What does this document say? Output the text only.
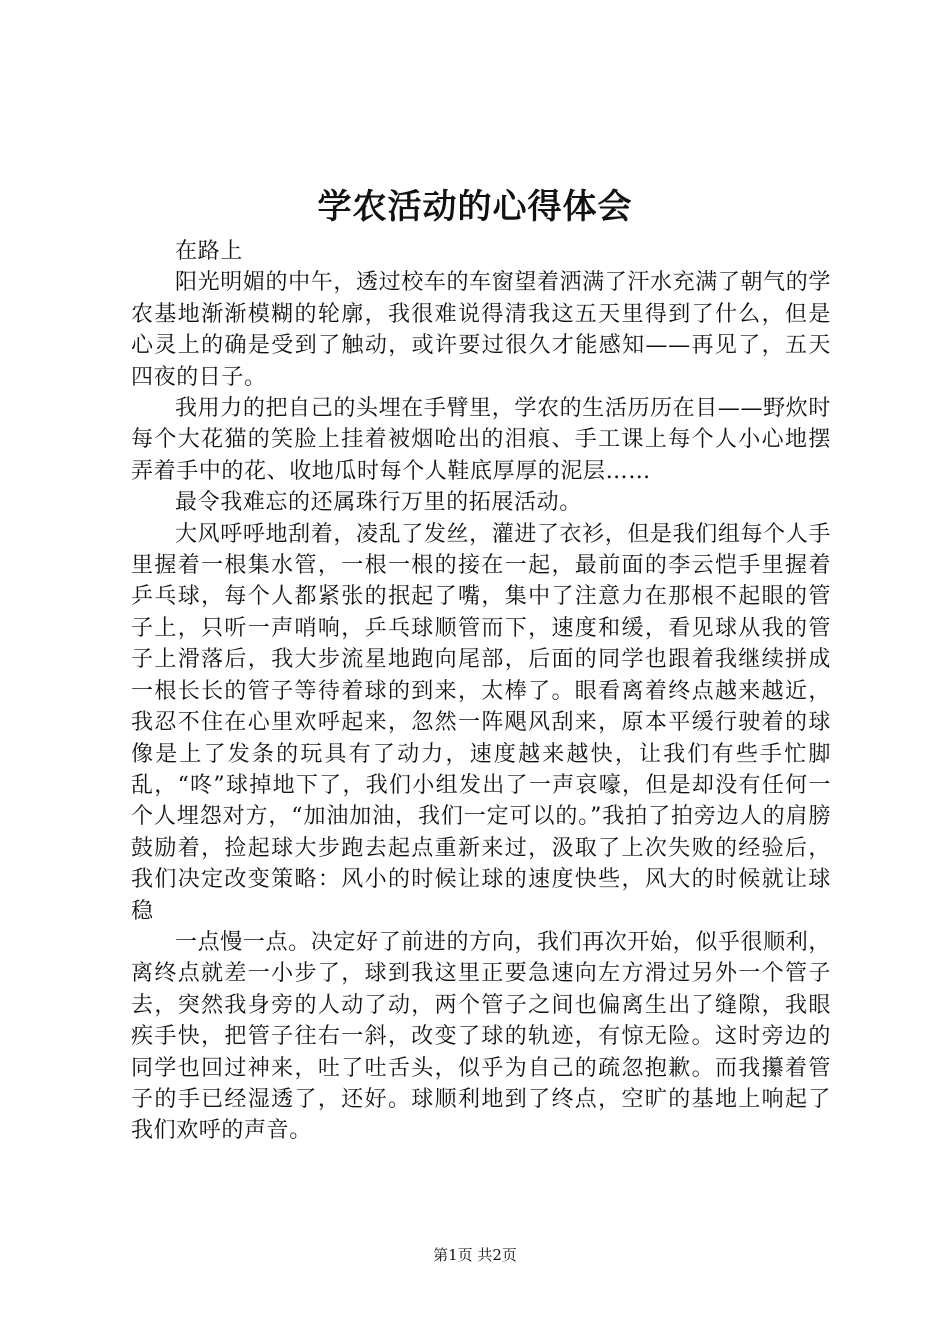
学农活动的心得体会

在路上

阳光明媚的中午，透过校车的车窗望着洒满了汗水充满了朝气的学农基地渐渐模糊的轮廓，我很难说得清我这五天里得到了什么，但是心灵上的确是受到了触动，或许要过很久才能感知——再见了，五天四夜的日子。

我用力的把自己的头埋在手臂里，学农的生活历历在目——野炊时每个大花猫的笑脸上挂着被烟呛出的泪痕、手工课上每个人小心地摆弄着手中的花、收地瓜时每个人鞋底厚厚的泥层……

最令我难忘的还属珠行万里的拓展活动。

大风呼呼地刮着，凌乱了发丝，灌进了衣衫，但是我们组每个人手里握着一根集水管，一根一根的接在一起，最前面的李云恺手里握着乒乓球，每个人都紧张的抿起了嘴，集中了注意力在那根不起眼的管子上，只听一声哨响，乒乓球顺管而下，速度和缓，看见球从我的管子上滑落后，我大步流星地跑向尾部，后面的同学也跟着我继续拼成一根长长的管子等待着球的到来，太棒了。眼看离着终点越来越近，我忍不住在心里欢呼起来，忽然一阵飓风刮来，原本平缓行驶着的球像是上了发条的玩具有了动力，速度越来越快，让我们有些手忙脚乱，“咚”球掉地下了，我们小组发出了一声哀嚎，但是却没有任何一个人埋怨对方，“加油加油，我们一定可以的。”我拍了拍旁边人的肩膀鼓励着，捡起球大步跑去起点重新来过，汲取了上次失败的经验后，我们决定改变策略：风小的时候让球的速度快些，风大的时候就让球稳

一点慢一点。决定好了前进的方向，我们再次开始，似乎很顺利，离终点就差一小步了，球到我这里正要急速向左方滑过另外一个管子去，突然我身旁的人动了动，两个管子之间也偏离生出了缝隙，我眼疾手快，把管子往右一斜，改变了球的轨迹，有惊无险。这时旁边的同学也回过神来，吐了吐舌头，似乎为自己的疏忽抱歉。而我攥着管子的手已经湿透了，还好。球顺利地到了终点，空旷的基地上响起了我们欢呼的声音。

第1页 共2页
